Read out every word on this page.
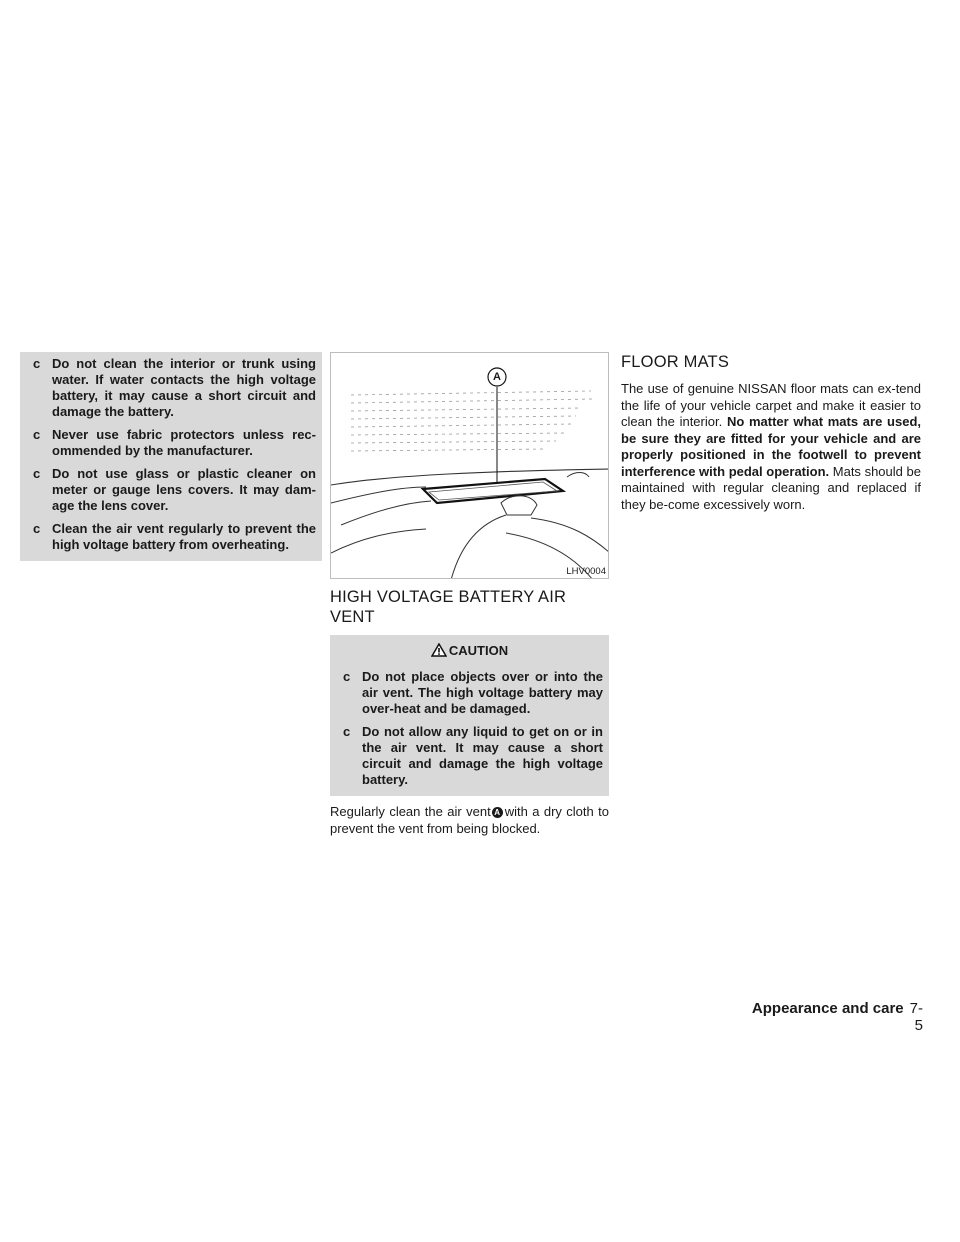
c Do not clean the interior or trunk using water. If water contacts the high voltage battery, it may cause a short circuit and damage the battery.
c Never use fabric protectors unless rec-ommended by the manufacturer.
c Do not use glass or plastic cleaner on meter or gauge lens covers. It may dam-age the lens cover.
c Clean the air vent regularly to prevent the high voltage battery from overheating.
A
LHV0004
HIGH VOLTAGE BATTERY AIR VENT
CAUTION
c Do not place objects over or into the air vent. The high voltage battery may over-heat and be damaged.
c Do not allow any liquid to get on or in the air vent. It may cause a short circuit and damage the high voltage battery.

Regularly clean the air vent A with a dry cloth to prevent the vent from being blocked.

FLOOR MATS

The use of genuine NISSAN floor mats can ex-tend the life of your vehicle carpet and make it easier to clean the interior. No matter what mats are used, be sure they are fitted for your vehicle and are properly positioned in the footwell to prevent interference with pedal operation. Mats should be maintained with regular cleaning and replaced if they be-come excessively worn.

Appearance and care 7-5
